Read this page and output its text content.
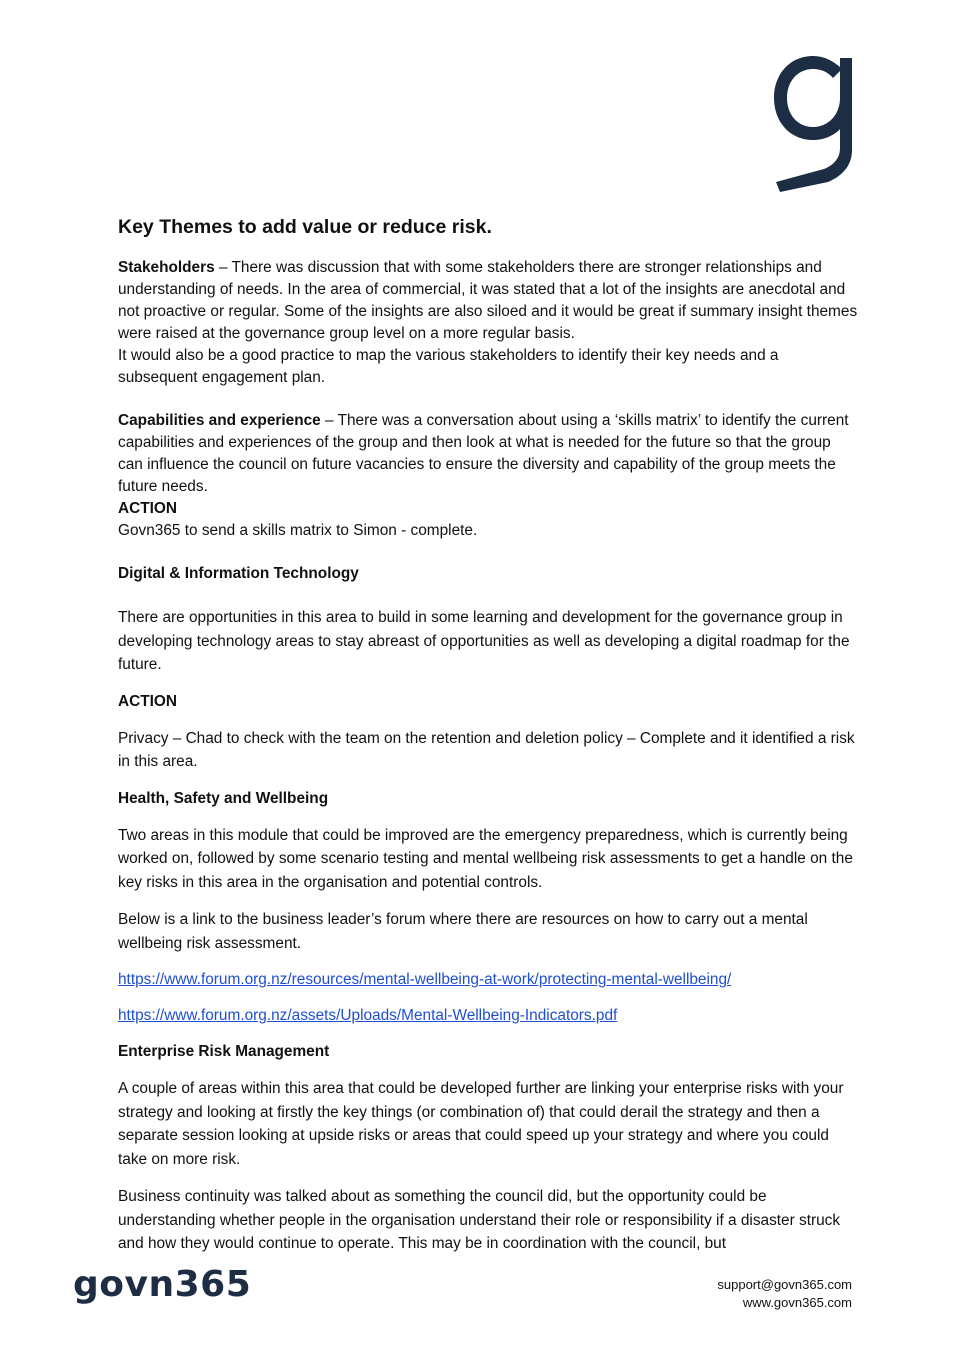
Key Themes to add value or reduce risk.

Stakeholders – There was discussion that with some stakeholders there are stronger relationships and understanding of needs. In the area of commercial, it was stated that a lot of the insights are anecdotal and not proactive or regular. Some of the insights are also siloed and it would be great if summary insight themes were raised at the governance group level on a more regular basis.

It would also be a good practice to map the various stakeholders to identify their key needs and a subsequent engagement plan.

Capabilities and experience – There was a conversation about using a ‘skills matrix’ to identify the current capabilities and experiences of the group and then look at what is needed for the future so that the group can influence the council on future vacancies to ensure the diversity and capability of the group meets the future needs.

ACTION

Govn365 to send a skills matrix to Simon - complete.

Digital & Information Technology

There are opportunities in this area to build in some learning and development for the governance group in developing technology areas to stay abreast of opportunities as well as developing a digital roadmap for the future.

ACTION

Privacy – Chad to check with the team on the retention and deletion policy – Complete and it identified a risk in this area.

Health, Safety and Wellbeing

Two areas in this module that could be improved are the emergency preparedness, which is currently being worked on, followed by some scenario testing and mental wellbeing risk assessments to get a handle on the key risks in this area in the organisation and potential controls.

Below is a link to the business leader’s forum where there are resources on how to carry out a mental wellbeing risk assessment.

https://www.forum.org.nz/resources/mental-wellbeing-at-work/protecting-mental-wellbeing/

https://www.forum.org.nz/assets/Uploads/Mental-Wellbeing-Indicators.pdf

Enterprise Risk Management

A couple of areas within this area that could be developed further are linking your enterprise risks with your strategy and looking at firstly the key things (or combination of) that could derail the strategy and then a separate session looking at upside risks or areas that could speed up your strategy and where you could take on more risk.

Business continuity was talked about as something the council did, but the opportunity could be understanding whether people in the organisation understand their role or responsibility if a disaster struck and how they would continue to operate. This may be in coordination with the council, but

govn365	support@govn365.com
www.govn365.com
